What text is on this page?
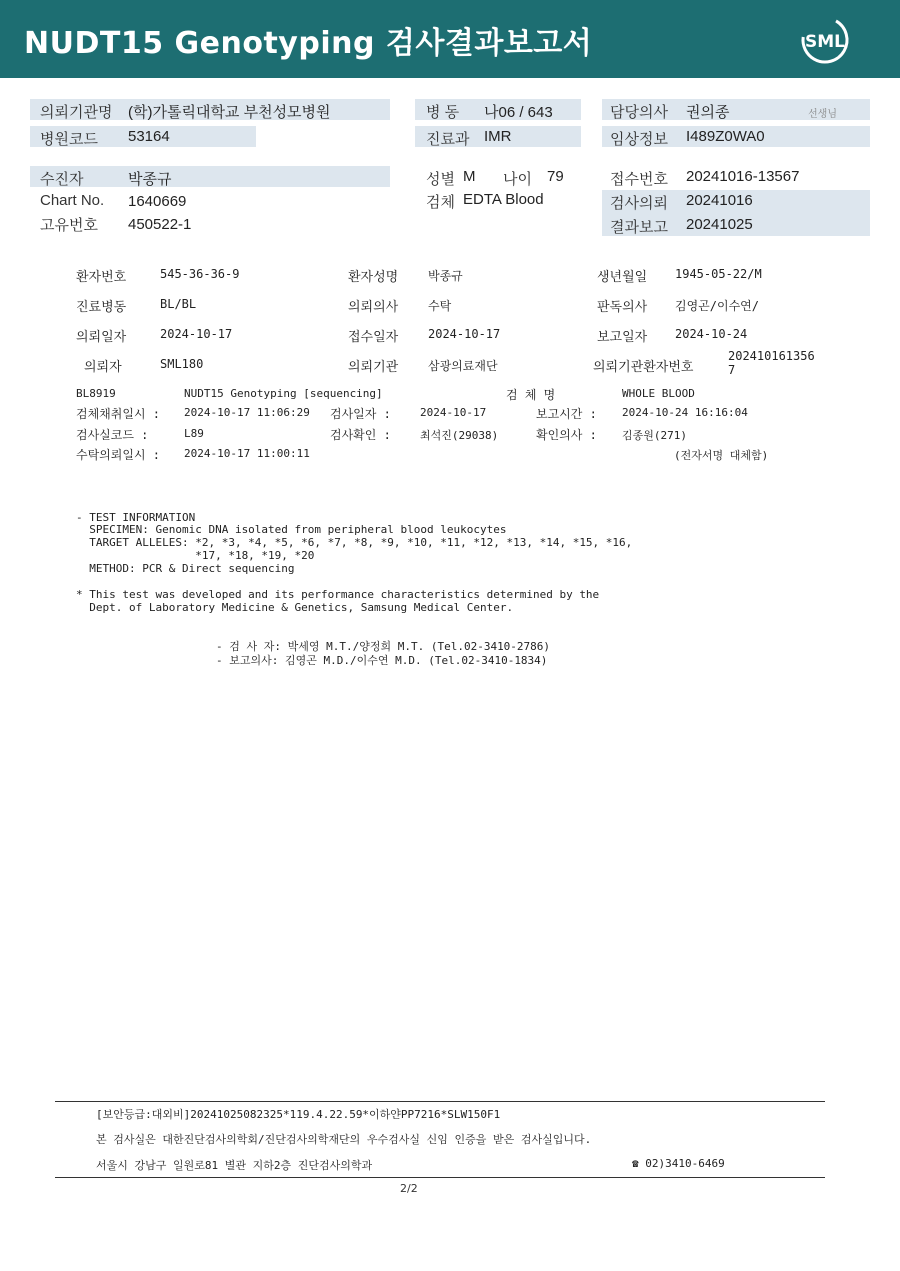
NUDT15 Genotyping 검사결과보고서	SML
의뢰기관명 (학)가톨릭대학교 부천성모병원
병원코드 53164
병 동 나06 / 643
진료과 IMR
담당의사 권의종	선생님
임상정보 I489Z0WA0
수진자	박종규
Chart No. 1640669
고유번호 450522-1
성별 M 나이 79
검체 EDTA Blood
접수번호 20241016-13567
검사의뢰 20241016
결과보고 20241025
환자번호	545-36-36-9	환자성명 박종규	생년월일 1945-05-22/M
진료병동	BL/BL	의뢰의사 수탁	판독의사 김영곤/이수연/
의뢰일자	2024-10-17	접수일자 2024-10-17	보고일자 2024-10-24
의뢰자	SML180	의뢰기관 삼광의료재단	의뢰기관환자번호
202410161356
7
BL8919	NUDT15 Genotyping [sequencing]	검 체 명	WHOLE BLOOD
검체채취일시 : 2024-10-17 11:06:29 검사일자 :	2024-10-17	보고시간 : 2024-10-24 16:16:04
검사실코드 :	L89	검사확인 :	최석진(29038)	확인의사 : 김종원(271)
수탁의뢰일시 : 2024-10-17 11:00:11	(전자서명 대체함)
- TEST INFORMATION
SPECIMEN: Genomic DNA isolated from peripheral blood leukocytes
TARGET ALLELES: *2, *3, *4, *5, *6, *7, *8, *9, *10, *11, *12, *13, *14, *15, *16,
*17, *18, *19, *20
METHOD: PCR & Direct sequencing
* This test was developed and its performance characteristics determined by the
Dept. of Laboratory Medicine & Genetics, Samsung Medical Center.
- 검 사 자: 박세영 M.T./양정희 M.T. (Tel.02-3410-2786)
- 보고의사: 김영곤 M.D./이수연 M.D. (Tel.02-3410-1834)
[보안등급:대외비]20241025082325*119.4.22.59*이하얀PP7216*SLW150F1
본 검사실은 대한진단검사의학회/진단검사의학재단의 우수검사실 신임 인증을 받은 검사실입니다.
서울시 강남구 일원로81 별관 지하2층 진단검사의학과	☎ 02)3410-6469
2/2
